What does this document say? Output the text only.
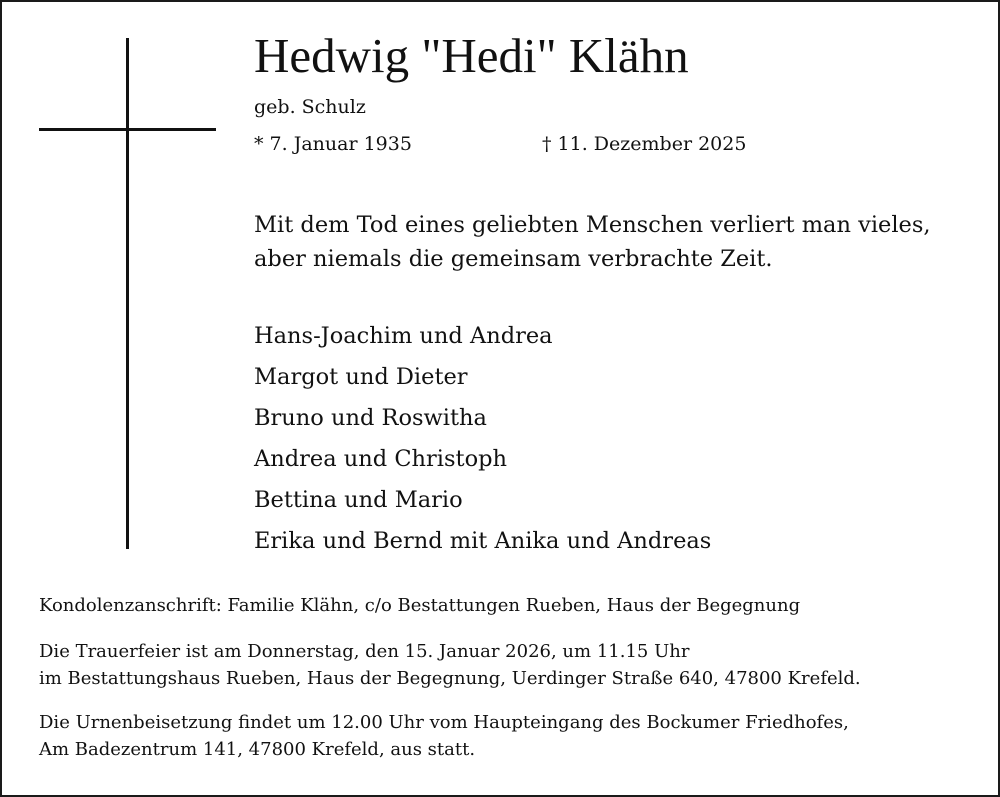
Hedwig "Hedi" Klähn
geb. Schulz
* 7. Januar 1935	† 11. Dezember 2025
Mit dem Tod eines geliebten Menschen verliert man vieles,
aber niemals die gemeinsam verbrachte Zeit.
Hans-Joachim und Andrea
Margot und Dieter
Bruno und Roswitha
Andrea und Christoph
Bettina und Mario
Erika und Bernd mit Anika und Andreas
Kondolenzanschrift: Familie Klähn, c/o Bestattungen Rueben, Haus der Begegnung
Die Trauerfeier ist am Donnerstag, den 15. Januar 2026, um 11.15 Uhr
im Bestattungshaus Rueben, Haus der Begegnung, Uerdinger Straße 640, 47800 Krefeld.
Die Urnenbeisetzung findet um 12.00 Uhr vom Haupteingang des Bockumer Friedhofes,
Am Badezentrum 141, 47800 Krefeld, aus statt.
